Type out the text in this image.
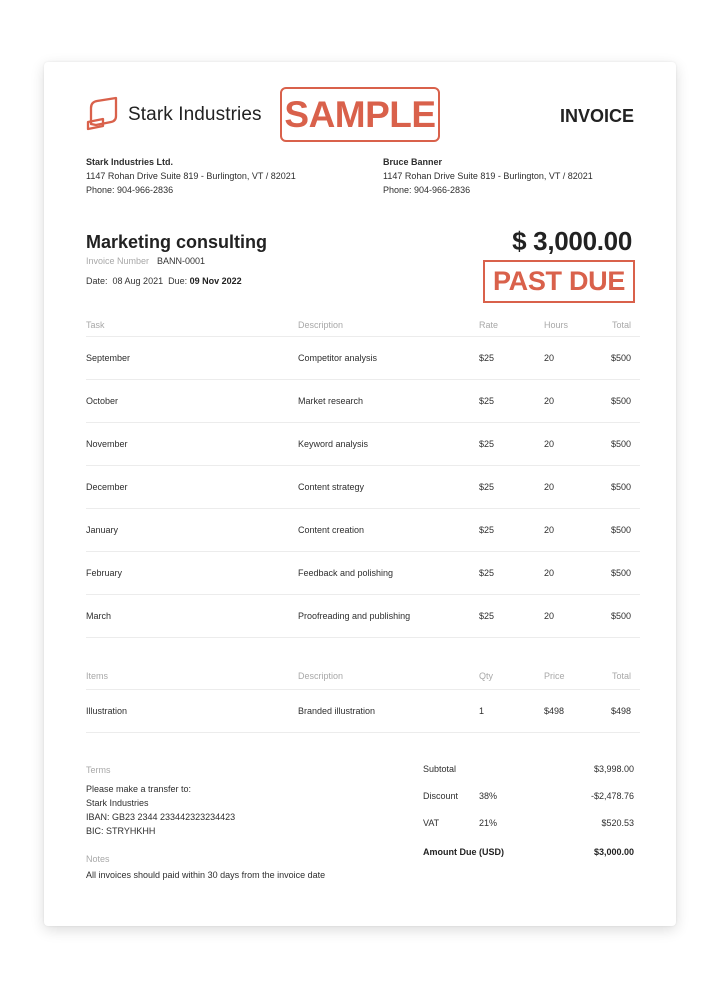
Stark Industries SAMPLE	INVOICE
Stark Industries Ltd.
1147 Rohan Drive Suite 819 - Burlington, VT / 82021
Phone: 904-966-2836
Bruce Banner
1147 Rohan Drive Suite 819 - Burlington, VT / 82021
Phone: 904-966-2836
Marketing consulting
Invoice Number BANN-0001
Date: 08 Aug 2021 Due: 09 Nov 2022
$ 3,000.00
PAST DUE
Task	Description	Rate	Hours	Total
September	Competitor analysis	$25	20	$500
October	Market research	$25	20	$500
November	Keyword analysis	$25	20	$500
December	Content strategy	$25	20	$500
January	Content creation	$25	20	$500
February	Feedback and polishing	$25	20	$500
March	Proofreading and publishing	$25	20	$500
Items	Description	Qty	Price	Total
Illustration	Branded illustration	1	$498	$498
Terms
Please make a transfer to:
Stark Industries
IBAN: GB23 2344 233442323234423
BIC: STRYHKHH
Notes
All invoices should paid within 30 days from the invoice date
Subtotal	$3,998.00
Discount 38%	-$2,478.76
VAT	21%	$520.53
Amount Due (USD)	$3,000.00
